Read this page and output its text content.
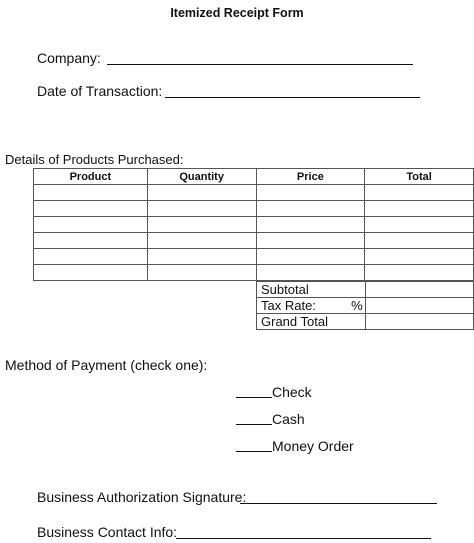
Itemized Receipt Form
Company:
Date of Transaction:
Details of Products Purchased:
Product	Quantity	Price	Total

Subtotal	
Tax Rate: %	

Grand Total	
Method of Payment (check one):
Check
Cash
Money Order
Business Authorization Signature:
Business Contact Info:
